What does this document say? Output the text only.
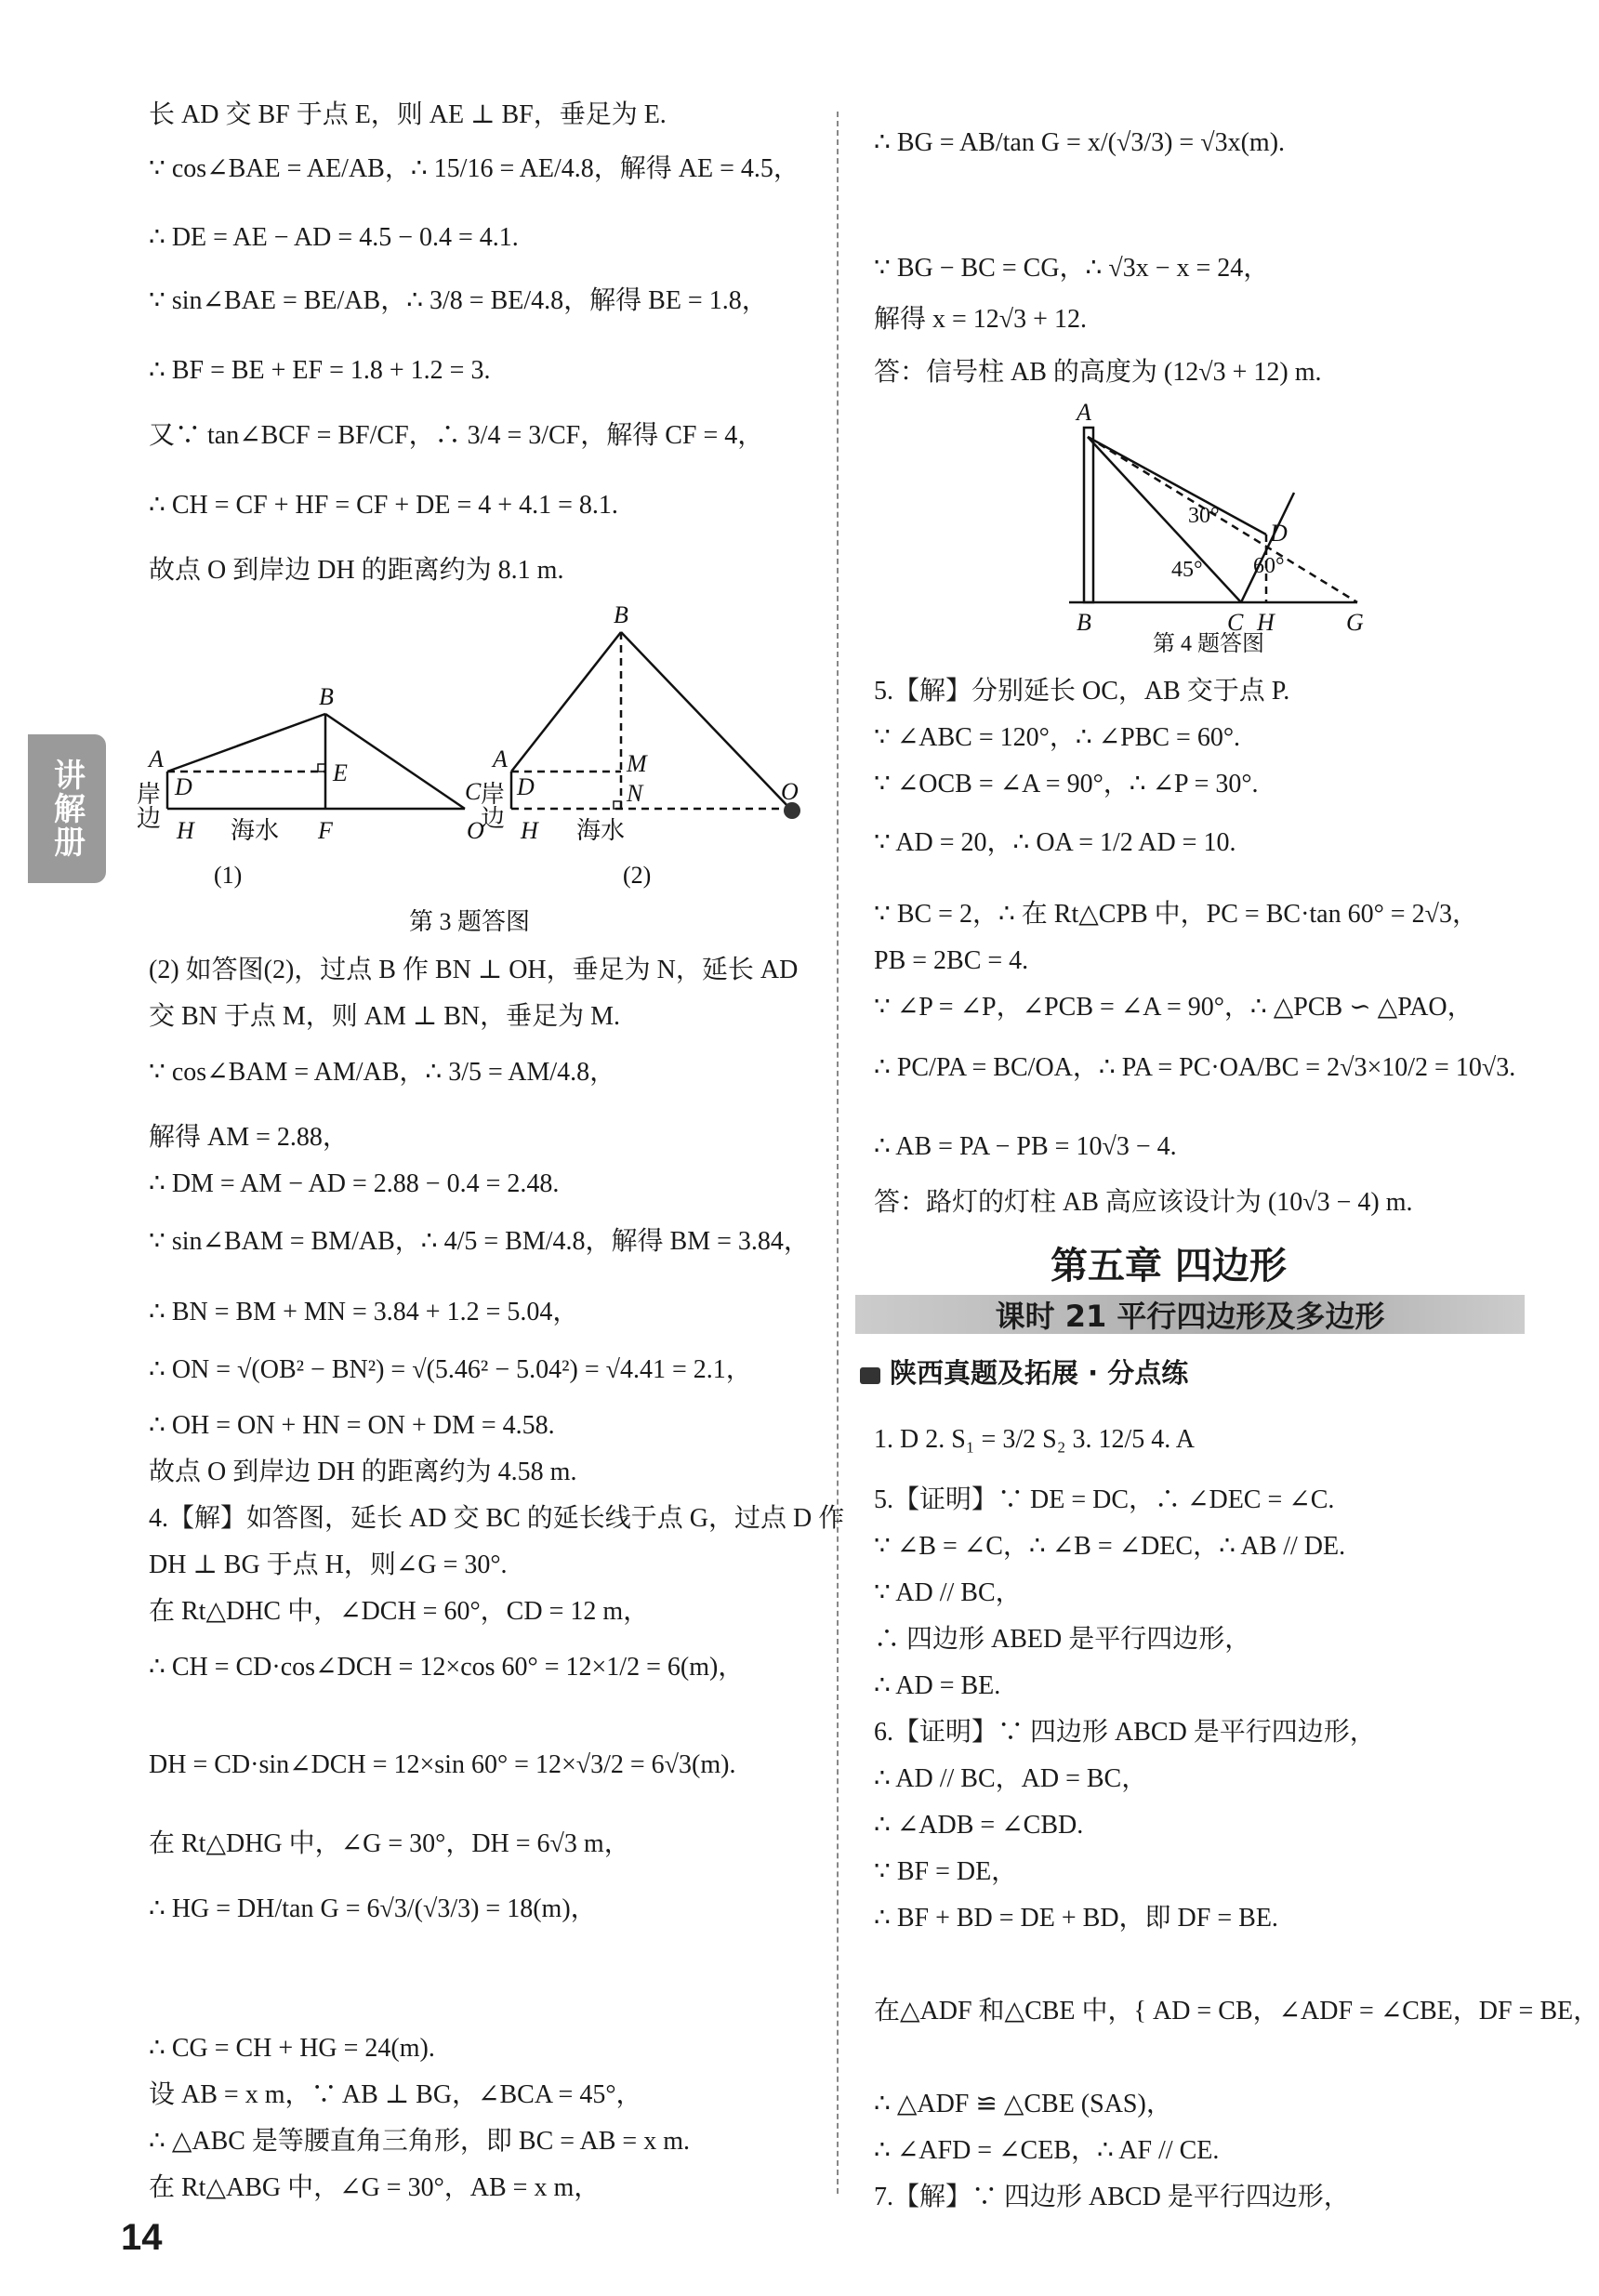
讲解册
长 AD 交 BF 于点 E，则 AE ⊥ BF，垂足为 E.
∵ cos∠BAE = AE/AB，∴ 15/16 = AE/4.8，解得 AE = 4.5，
∴ DE = AE − AD = 4.5 − 0.4 = 4.1.
∵ sin∠BAE = BE/AB，∴ 3/8 = BE/4.8，解得 BE = 1.8，
∴ BF = BE + EF = 1.8 + 1.2 = 3.
又∵ tan∠BCF = BF/CF，∴ 3/4 = 3/CF，解得 CF = 4，
∴ CH = CF + HF = CF + DE = 4 + 4.1 = 8.1.
故点 O 到岸边 DH 的距离约为 8.1 m.
(2) 如答图(2)，过点 B 作 BN ⊥ OH，垂足为 N，延长 AD
交 BN 于点 M，则 AM ⊥ BN，垂足为 M.
∵ cos∠BAM = AM/AB，∴ 3/5 = AM/4.8，
解得 AM = 2.88，
∴ DM = AM − AD = 2.88 − 0.4 = 2.48.
∵ sin∠BAM = BM/AB，∴ 4/5 = BM/4.8，解得 BM = 3.84，
∴ BN = BM + MN = 3.84 + 1.2 = 5.04，
∴ ON = √(OB² − BN²) = √(5.46² − 5.04²) = √4.41 = 2.1，
∴ OH = ON + HN = ON + DM = 4.58.
故点 O 到岸边 DH 的距离约为 4.58 m.
4.【解】如答图，延长 AD 交 BC 的延长线于点 G，过点 D 作
DH ⊥ BG 于点 H，则∠G = 30°.
在 Rt△DHC 中，∠DCH = 60°，CD = 12 m，
∴ CH = CD·cos∠DCH = 12×cos 60° = 12×1/2 = 6(m)，
DH = CD·sin∠DCH = 12×sin 60° = 12×√3/2 = 6√3(m).
在 Rt△DHG 中，∠G = 30°，DH = 6√3 m，
∴ HG = DH/tan G = 6√3/(√3/3) = 18(m)，
∴ CG = CH + HG = 24(m).
设 AB = x m，∵ AB ⊥ BG，∠BCA = 45°，
∴ △ABC 是等腰直角三角形，即 BC = AB = x m.
在 Rt△ABG 中，∠G = 30°，AB = x m，
∴ BG = AB/tan G = x/(√3/3) = √3x(m).
∵ BG − BC = CG，∴ √3x − x = 24，
解得 x = 12√3 + 12.
答：信号柱 AB 的高度为 (12√3 + 12) m.
5.【解】分别延长 OC，AB 交于点 P.
∵ ∠ABC = 120°，∴ ∠PBC = 60°.
∵ ∠OCB = ∠A = 90°，∴ ∠P = 30°.
∵ AD = 20，∴ OA = 1/2 AD = 10.
∵ BC = 2，∴ 在 Rt△CPB 中，PC = BC·tan 60° = 2√3，
PB = 2BC = 4.
∵ ∠P = ∠P，∠PCB = ∠A = 90°，∴ △PCB ∽ △PAO，
∴ PC/PA = BC/OA，∴ PA = PC·OA/BC = 2√3×10/2 = 10√3.
∴ AB = PA − PB = 10√3 − 4.
答：路灯的灯柱 AB 高应该设计为 (10√3 − 4) m.
1. D 2. S₁ = 3/2 S₂ 3. 12/5 4. A
5.【证明】∵ DE = DC，∴ ∠DEC = ∠C.
∵ ∠B = ∠C，∴ ∠B = ∠DEC，∴ AB // DE.
∵ AD // BC，
∴ 四边形 ABED 是平行四边形，
∴ AD = BE.
6.【证明】∵ 四边形 ABCD 是平行四边形，
∴ AD // BC，AD = BC，
∴ ∠ADB = ∠CBD.
∵ BF = DE，
∴ BF + BD = DE + BD，即 DF = BE.
在△ADF 和△CBE 中，{ AD = CB，∠ADF = ∠CBE，DF = BE，
∴ △ADF ≌ △CBE (SAS)，
∴ ∠AFD = ∠CEB，∴ AF // CE.
7.【解】∵ 四边形 ABCD 是平行四边形，
A
B
C
D
E
F
H	O
A
B
M
N
D
H
O
海水	海水
(1)	(2)
第 3 题答图
岸边	岸边
A
B	C H	G
D
30°
45° 60°
第 4 题答图
第五章 四边形
课时 21 平行四边形及多边形
陕西真题及拓展 · 分点练
14
